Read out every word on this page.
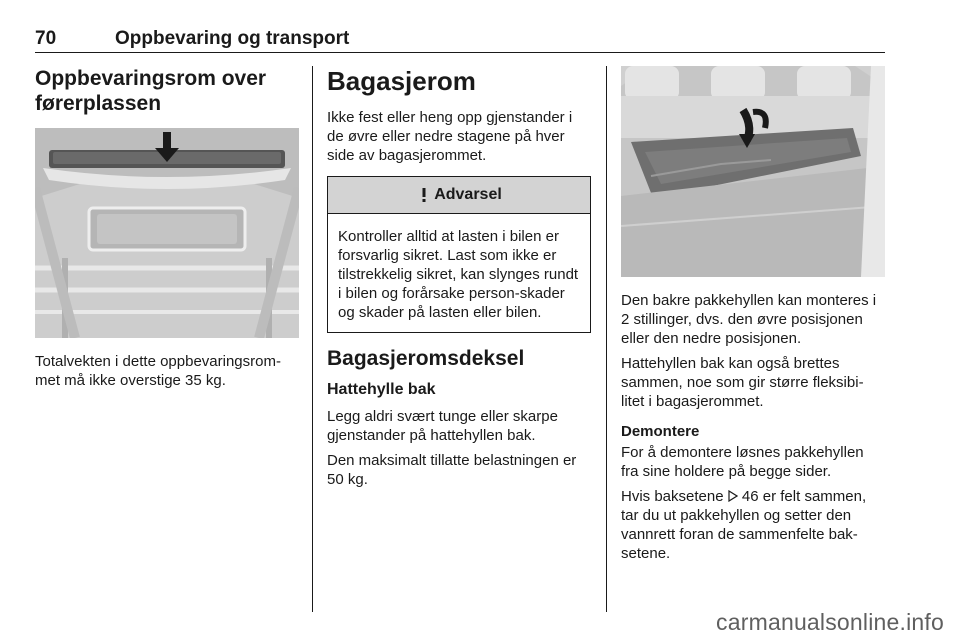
70	Oppbevaring og transport
Oppbevaringsrom over
førerplassen

Totalvekten i dette oppbevaringsrom-met må ikke overstige 35 kg.

Bagasjerom

Ikke fest eller heng opp gjenstander i de øvre eller nedre stagene på hver side av bagasjerommet.

Advarsel

Kontroller alltid at lasten i bilen er forsvarlig sikret. Last som ikke er tilstrekkelig sikret, kan slynges rundt i bilen og forårsake person-skader og skader på lasten eller bilen.

Bagasjeromsdeksel
Hattehylle bak

Legg aldri svært tunge eller skarpe gjenstander på hattehyllen bak.

Den maksimalt tillatte belastningen er 50 kg.

Den bakre pakkehyllen kan monteres i 2 stillinger, dvs. den øvre posisjonen eller den nedre posisjonen.

Hattehyllen bak kan også brettes sammen, noe som gir større fleksibi-litet i bagasjerommet.

Demontere

For å demontere løsnes pakkehyllen fra sine holdere på begge sider.

Hvis baksetene 46 er felt sammen, tar du ut pakkehyllen og setter den vannrett foran de sammenfelte bak-setene.

carmanualsonline.info
